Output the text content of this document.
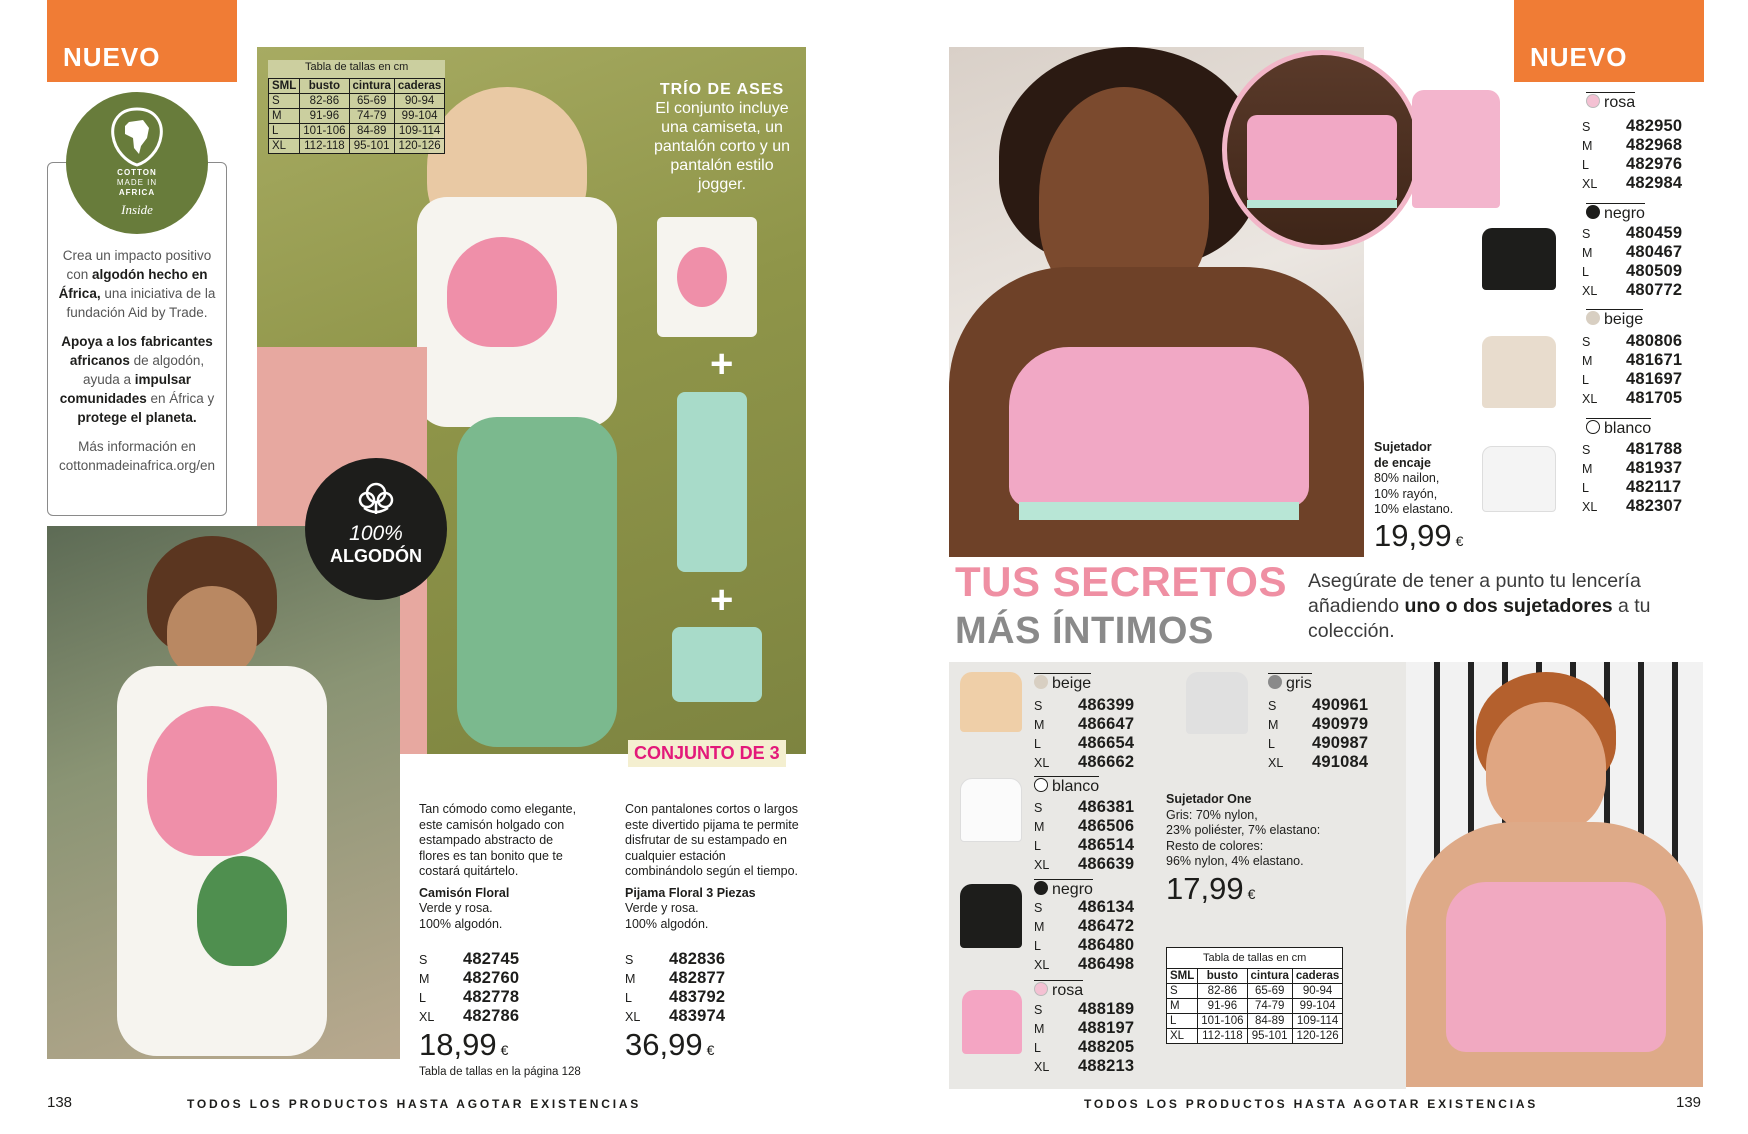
NUEVO
COTTON
MADE IN
AFRICA
Inside

Crea un impacto positivo con algodón hecho en África, una iniciativa de la fundación Aid by Trade.

Apoya a los fabricantes africanos de algodón, ayuda a impulsar comunidades en África y protege el planeta.

Más información en cottonmadeinafrica.org/en

Tabla de tallas en cm			
SML	busto	cintura	caderas
S	82-86	65-69	90-94
M	91-96	74-79	99-104
L	101-106	84-89	109-114
XL	112-118	95-101	120-126
TRÍO DE ASES
El conjunto incluye una camiseta, un pantalón corto y un pantalón estilo jogger.
+
+
CONJUNTO DE 3
100%
ALGODÓN
Tan cómodo como elegante, este camisón holgado con estampado abstracto de flores es tan bonito que te costará quitártelo.
Camisón Floral
Verde y rosa.
100% algodón.
S 482745
M 482760
L 482778
XL 482786
18,99 €
Tabla de tallas en la página 128
Con pantalones cortos o largos este divertido pijama te permite disfrutar de su estampado en cualquier estación combinándolo según el tiempo.
Pijama Floral 3 Piezas
Verde y rosa.
100% algodón.
S 482836
M 482877
L 483792
XL 483974
36,99 €
138	TODOS LOS PRODUCTOS HASTA AGOTAR EXISTENCIAS
NUEVO
rosa
S 482950
M 482968
L 482976
XL 482984
negro
S 480459
M 480467
L 480509
XL 480772
beige
S 480806
M 481671
L 481697
XL 481705
blanco
S 481788
M 481937
L 482117
XL 482307
Sujetador
de encaje
80% nailon,
10% rayón,
10% elastano.
19,99 €
TUS SECRETOS
MÁS ÍNTIMOS
Asegúrate de tener a punto tu lencería añadiendo uno o dos sujetadores a tu colección.
beige
S 486399
M 486647
L 486654
XL 486662
blanco
S 486381
M 486506
L 486514
XL 486639
negro
S 486134
M 486472
L 486480
XL 486498
rosa
S 488189
M 488197
L 488205
XL 488213
gris
S 490961
M 490979
L 490987
XL 491084
Sujetador One
Gris: 70% nylon,
23% poliéster, 7% elastano:
Resto de colores:
96% nylon, 4% elastano.
17,99 €
Tabla de tallas en cm			
SML	busto	cintura	caderas
S	82-86	65-69	90-94
M	91-96	74-79	99-104
L	101-106	84-89	109-114
XL	112-118	95-101	120-126
TODOS LOS PRODUCTOS HASTA AGOTAR EXISTENCIAS	139
